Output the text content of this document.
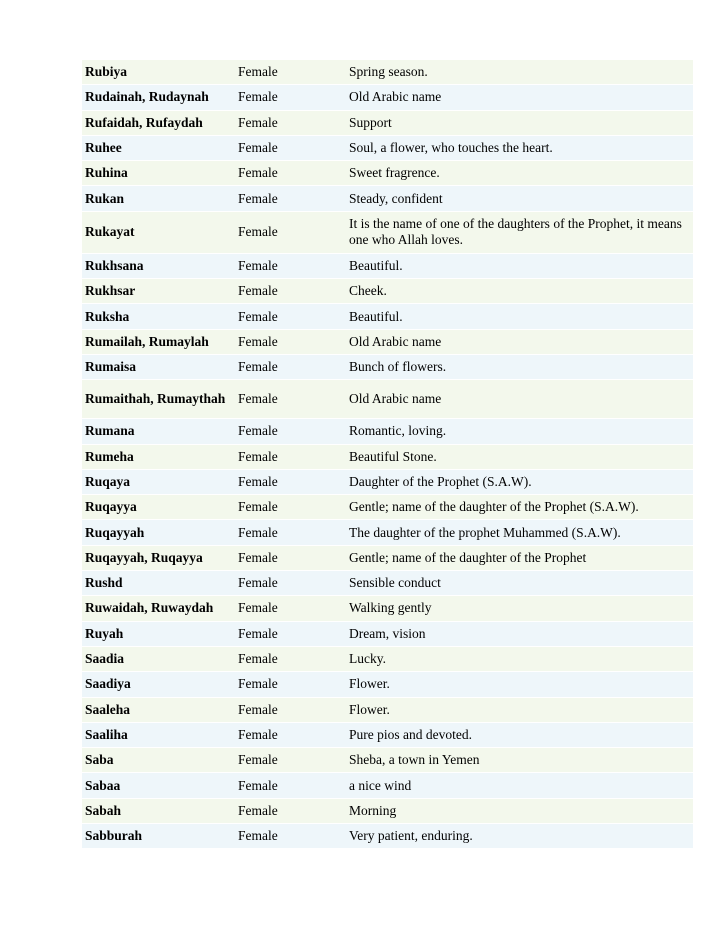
Rubiya	Female	Spring season.
Rudainah, Rudaynah	Female	Old Arabic name
Rufaidah, Rufaydah	Female	Support
Ruhee	Female	Soul, a flower, who touches the heart.
Ruhina	Female	Sweet fragrence.
Rukan	Female	Steady, confident
Rukayat	Female	It is the name of one of the daughters of the Prophet, it means one who Allah loves.
Rukhsana	Female	Beautiful.
Rukhsar	Female	Cheek.
Ruksha	Female	Beautiful.
Rumailah, Rumaylah	Female	Old Arabic name
Rumaisa	Female	Bunch of flowers.
Rumaithah, Rumaythah	Female	Old Arabic name
Rumana	Female	Romantic, loving.
Rumeha	Female	Beautiful Stone.
Ruqaya	Female	Daughter of the Prophet (S.A.W).
Ruqayya	Female	Gentle; name of the daughter of the Prophet (S.A.W).
Ruqayyah	Female	The daughter of the prophet Muhammed (S.A.W).
Ruqayyah, Ruqayya	Female	Gentle; name of the daughter of the Prophet
Rushd	Female	Sensible conduct
Ruwaidah, Ruwaydah	Female	Walking gently
Ruyah	Female	Dream, vision
Saadia	Female	Lucky.
Saadiya	Female	Flower.
Saaleha	Female	Flower.
Saaliha	Female	Pure pios and devoted.
Saba	Female	Sheba, a town in Yemen
Sabaa	Female	a nice wind
Sabah	Female	Morning
Sabburah	Female	Very patient, enduring.
